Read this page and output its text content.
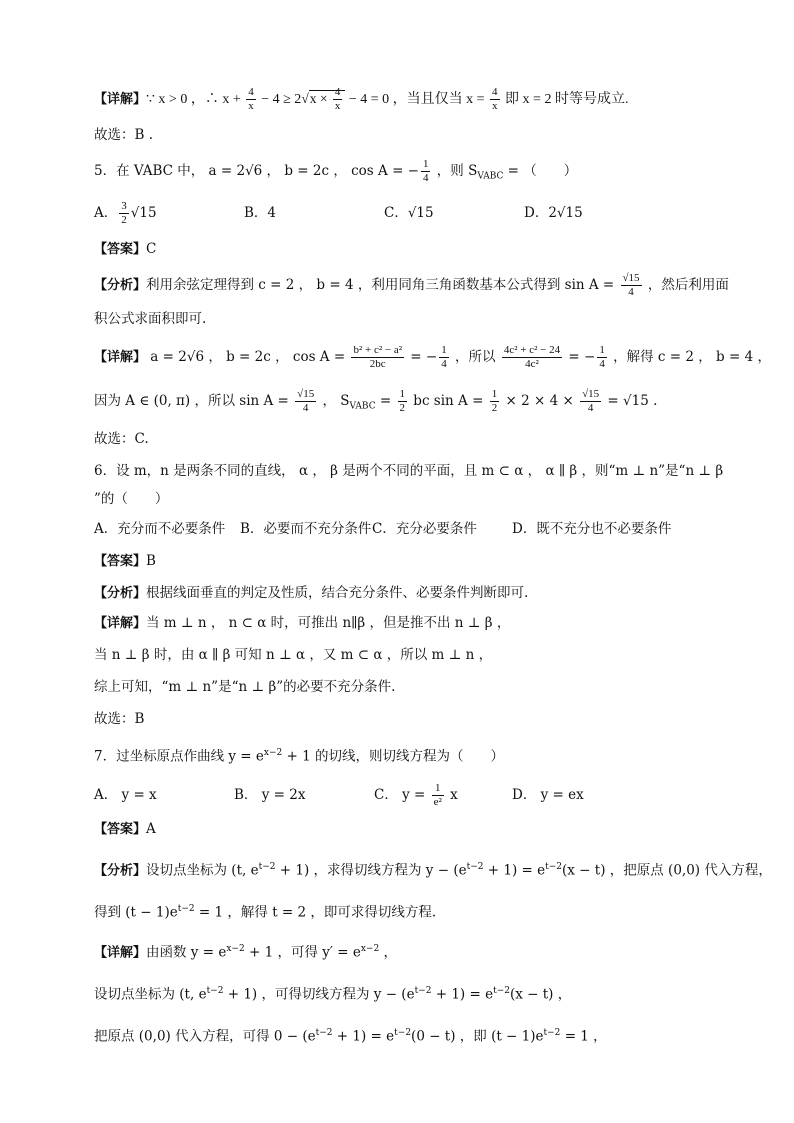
【详解】∵ x > 0 ，∴ $x + \frac{4}{x} - 4 \ge 2√x \times \frac{4}{x} - 4 = 0$ ，当且仅当 $x = \frac{4}{x}$ 即 x = 2 时等号成立.
故选：B .
5．在 VABC 中， a = 2√6 ， b = 2c ， cos A = − $\frac{1}{4}$ ，则 $S_{VABC}$ = （　　）
A． $\frac{3}{2} √15$	B．4	C．√15	D．2√15
【答案】C
【分析】利用余弦定理得到 c = 2 ， b = 4 ，利用同角三角函数基本公式得到 $\sin A = \frac{√15}{4}$ ，然后利用面
积公式求面积即可.
【详解】 a = 2√6 ， b = 2c ， $\cos A = \frac{\text{b² + c² − a²}}{2bc}$ = − $\frac{1}{4}$ ，所以 $\frac{\text{4c² + c² − 24}}{\text{4c²}}$ = − $\frac{1}{4}$ ，解得 c = 2 ， b = 4 ，
因为 A ∈ (0, π) ，所以 $\sin A = \frac{√15}{4}$ ， $S_{VABC} = \frac{1}{2}$ bc $\sin A = \frac{1}{2} \times 2 \times 4 \times \frac{√15}{4} = √15$ .
故选：C.
6．设 m，n 是两条不同的直线， α ， β 是两个不同的平面，且 m ⊂ α ， α ∥ β ，则“m ⊥ n”是“n ⊥ β
”的（　　）
A．充分而不必要条件 B．必要而不充分条件C．充分必要条件	D．既不充分也不必要条件
【答案】B
【分析】根据线面垂直的判定及性质，结合充分条件、必要条件判断即可.
【详解】当 m ⊥ n ， n ⊂ α 时，可推出 n∥β ，但是推不出 n ⊥ β ，
当 n ⊥ β 时，由 α ∥ β 可知 n ⊥ α ，又 m ⊂ α ，所以 m ⊥ n ，
综上可知，“m ⊥ n”是“n ⊥ β”的必要不充分条件.
故选：B
7．过坐标原点作曲线 $y = e^{x-2} + 1$ 的切线，则切线方程为（　　）
A． y = x	B． y = 2x	C． $y = \frac{1}{\text{e²}}$ x	D． y = ex
【答案】A
【分析】设切点坐标为 (t, $e^{t-2} + 1$) ，求得切线方程为 $y - (e^{t-2} + 1) = e^{t-2}(x - t)$ ，把原点 (0,0) 代入方程，
得到 $(t - 1)e^{t-2} = 1$ ，解得 t = 2 ，即可求得切线方程.
【详解】由函数 $y = e^{x-2} + 1$ ，可得 $y' = e^{x-2}$ ，
设切点坐标为 (t, $e^{t-2} + 1$) ，可得切线方程为 $y - (e^{t-2} + 1) = e^{t-2}(x - t)$ ，
把原点 (0,0) 代入方程，可得 $0 - (e^{t-2} + 1) = e^{t-2}(0 - t)$ ，即 $(t - 1)e^{t-2} = 1$ ，
